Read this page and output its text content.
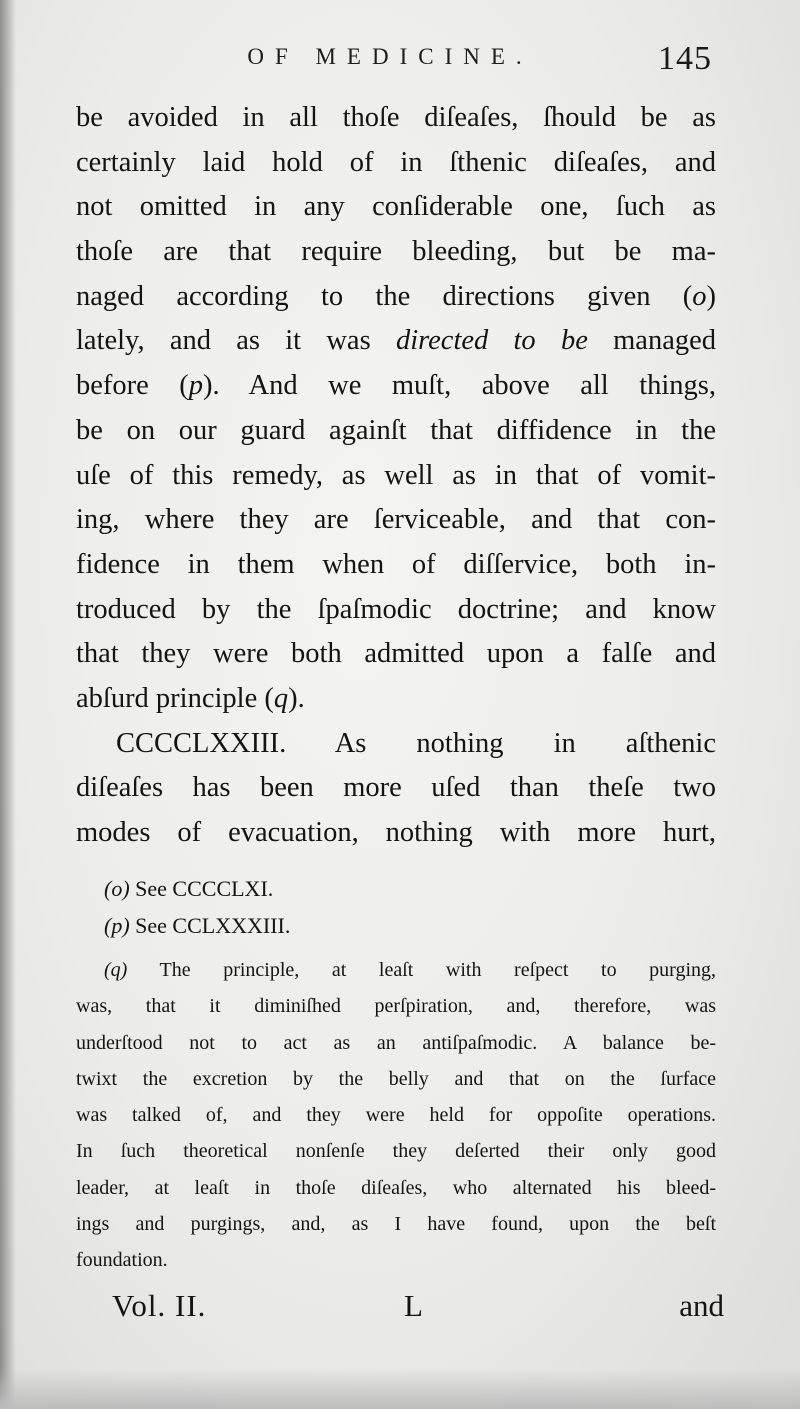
OF MEDICINE.	145
be avoided in all thoſe diſeaſes, ſhould be as
certainly laid hold of in ſthenic diſeaſes, and
not omitted in any conſiderable one, ſuch as
thoſe are that require bleeding, but be ma-
naged according to the directions given (o)
lately, and as it was directed to be managed
before (p). And we muſt, above all things,
be on our guard againſt that diffidence in the
uſe of this remedy, as well as in that of vomit-
ing, where they are ſerviceable, and that con-
fidence in them when of diſſervice, both in-
troduced by the ſpaſmodic doctrine; and know
that they were both admitted upon a falſe and
abſurd principle (q).
CCCCLXXIII. As nothing in aſthenic
diſeaſes has been more uſed than theſe two
modes of evacuation, nothing with more hurt,
(o) See CCCCLXI.
(p) See CCLXXXIII.
(q) The principle, at leaſt with reſpect to purging,
was, that it diminiſhed perſpiration, and, therefore, was
underſtood not to act as an antiſpaſmodic. A balance be-
twixt the excretion by the belly and that on the ſurface
was talked of, and they were held for oppoſite operations.
In ſuch theoretical nonſenſe they deſerted their only good
leader, at leaſt in thoſe diſeaſes, who alternated his bleed-
ings and purgings, and, as I have found, upon the beſt
foundation.
Vol. II.	L	and
